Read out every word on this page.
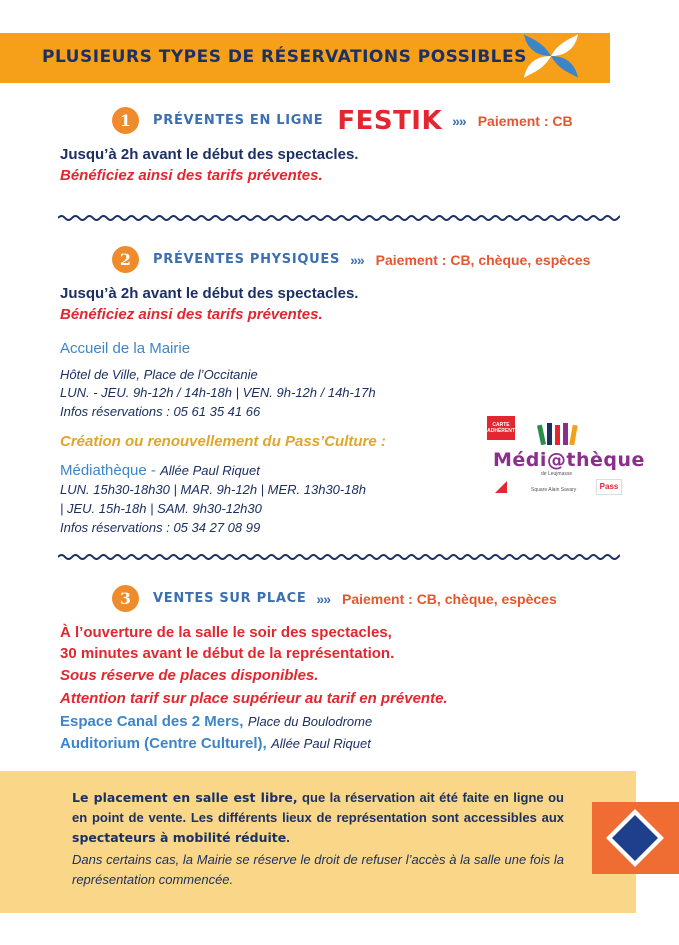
PLUSIEURS TYPES DE RÉSERVATIONS POSSIBLES
1	PRÉVENTES EN LIGNE FESTIK »» Paiement : CB
Jusqu’à 2h avant le début des spectacles.
Bénéficiez ainsi des tarifs préventes.
2	PRÉVENTES PHYSIQUES »» Paiement : CB, chèque, espèces
Jusqu’à 2h avant le début des spectacles.
Bénéficiez ainsi des tarifs préventes.
Accueil de la Mairie
Hôtel de Ville, Place de l’Occitanie
LUN. - JEU. 9h-12h / 14h-18h | VEN. 9h-12h / 14h-17h
Infos réservations : 05 61 35 41 66
Création ou renouvellement du Pass’Culture :
Médiathèque - Allée Paul Riquet
LUN. 15h30-18h30 | MAR. 9h-12h | MER. 13h30-18h
| JEU. 15h-18h | SAM. 9h30-12h30
Infos réservations : 05 34 27 08 99
CARTE ADHÉRENT
Médi@thèque
de Leujmasse
Square Alain Savary	Pass
3	VENTES SUR PLACE »» Paiement : CB, chèque, espèces
À l’ouverture de la salle le soir des spectacles,
30 minutes avant le début de la représentation.
Sous réserve de places disponibles.
Attention tarif sur place supérieur au tarif en prévente.
Espace Canal des 2 Mers, Place du Boulodrome
Auditorium (Centre Culturel), Allée Paul Riquet
Le placement en salle est libre, que la réservation ait été faite en ligne ou en point de vente. Les différents lieux de représentation sont accessibles aux spectateurs à mobilité réduite.
Dans certains cas, la Mairie se réserve le droit de refuser l’accès à la salle une fois la représentation commencée.
